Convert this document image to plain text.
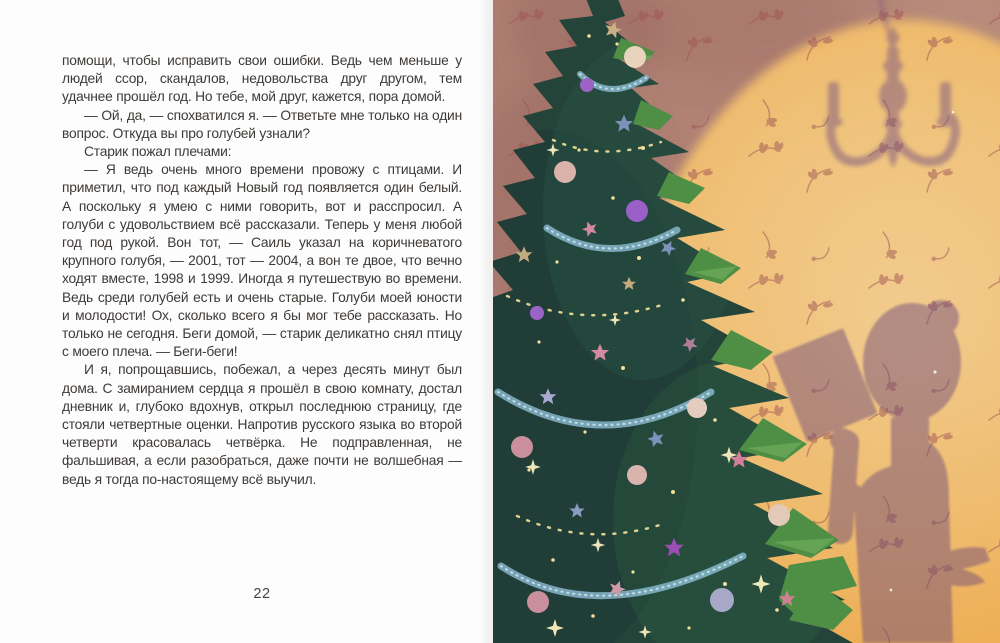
помощи, чтобы исправить свои ошибки. Ведь чем меньше у людей ссор, скандалов, недовольства друг другом, тем удачнее прошёл год. Но тебе, мой друг, кажется, пора домой.

— Ой, да, — спохватился я. — Ответьте мне только на один вопрос. Откуда вы про голубей узнали?

Старик пожал плечами:

— Я ведь очень много времени провожу с птицами. И приметил, что под каждый Новый год появляется один белый. А поскольку я умею с ними говорить, вот и расспросил. А голуби с удовольствием всё рассказали. Теперь у меня любой год под рукой. Вон тот, — Саиль указал на коричневатого крупного голубя, — 2001, тот — 2004, а вон те двое, что вечно ходят вместе, 1998 и 1999. Иногда я путешествую во времени. Ведь среди голубей есть и очень старые. Голуби моей юности и молодости! Ох, сколько всего я бы мог тебе рассказать. Но только не сегодня. Беги домой, — старик деликатно снял птицу с моего плеча. — Беги-беги!

И я, попрощавшись, побежал, а через десять минут был дома. С замиранием сердца я прошёл в свою комнату, достал дневник и, глубоко вдохнув, открыл последнюю страницу, где стояли четвертные оценки. Напротив русского языка во второй четверти красовалась четвёрка. Не подправленная, не фальшивая, а если разобраться, даже почти не волшебная — ведь я тогда по-настоящему всё выучил.

22
